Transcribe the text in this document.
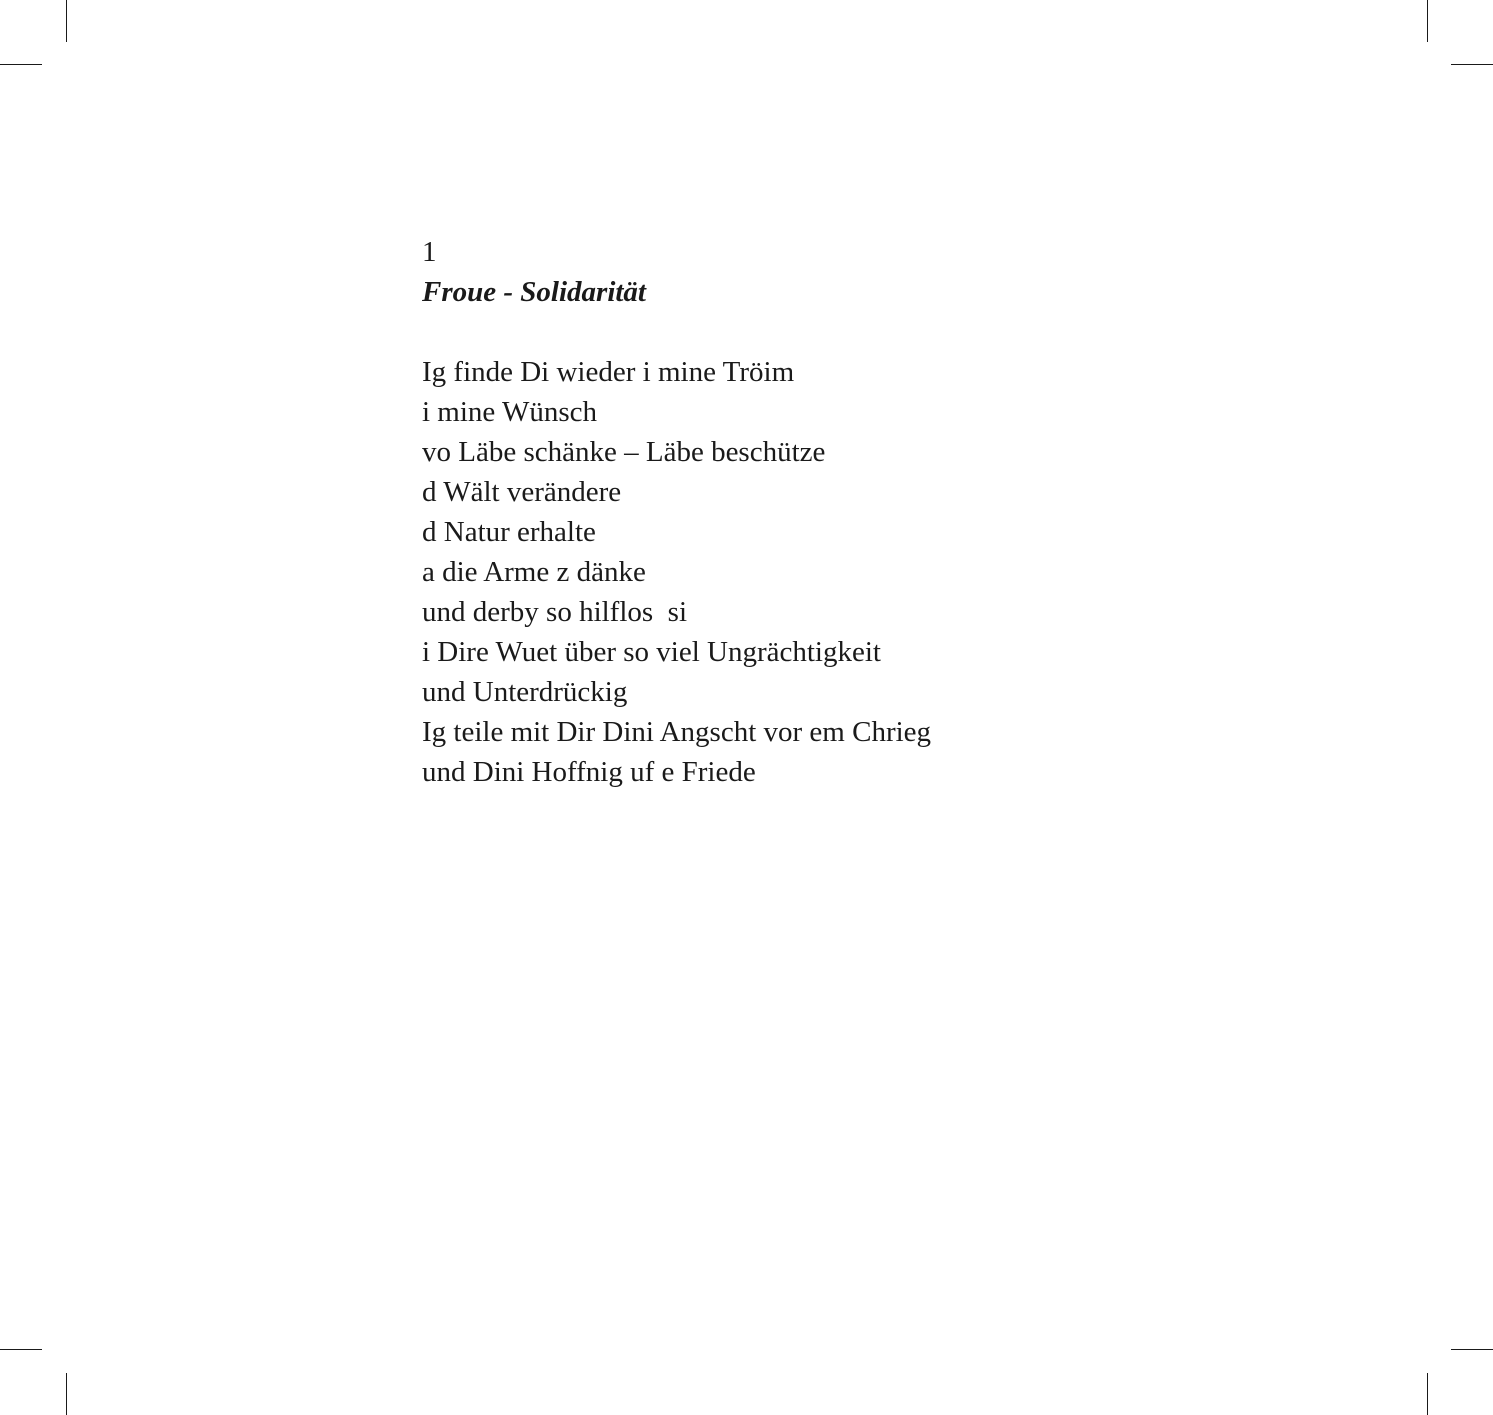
1
Froue - Solidarität
Ig finde Di wieder i mine Tröim
i mine Wünsch
vo Läbe schänke – Läbe beschütze
d Wält verändere
d Natur erhalte
a die Arme z dänke
und derby so hilflos  si
i Dire Wuet über so viel Ungrächtigkeit
und Unterdrückig
Ig teile mit Dir Dini Angscht vor em Chrieg
und Dini Hoffnig uf e Friede
